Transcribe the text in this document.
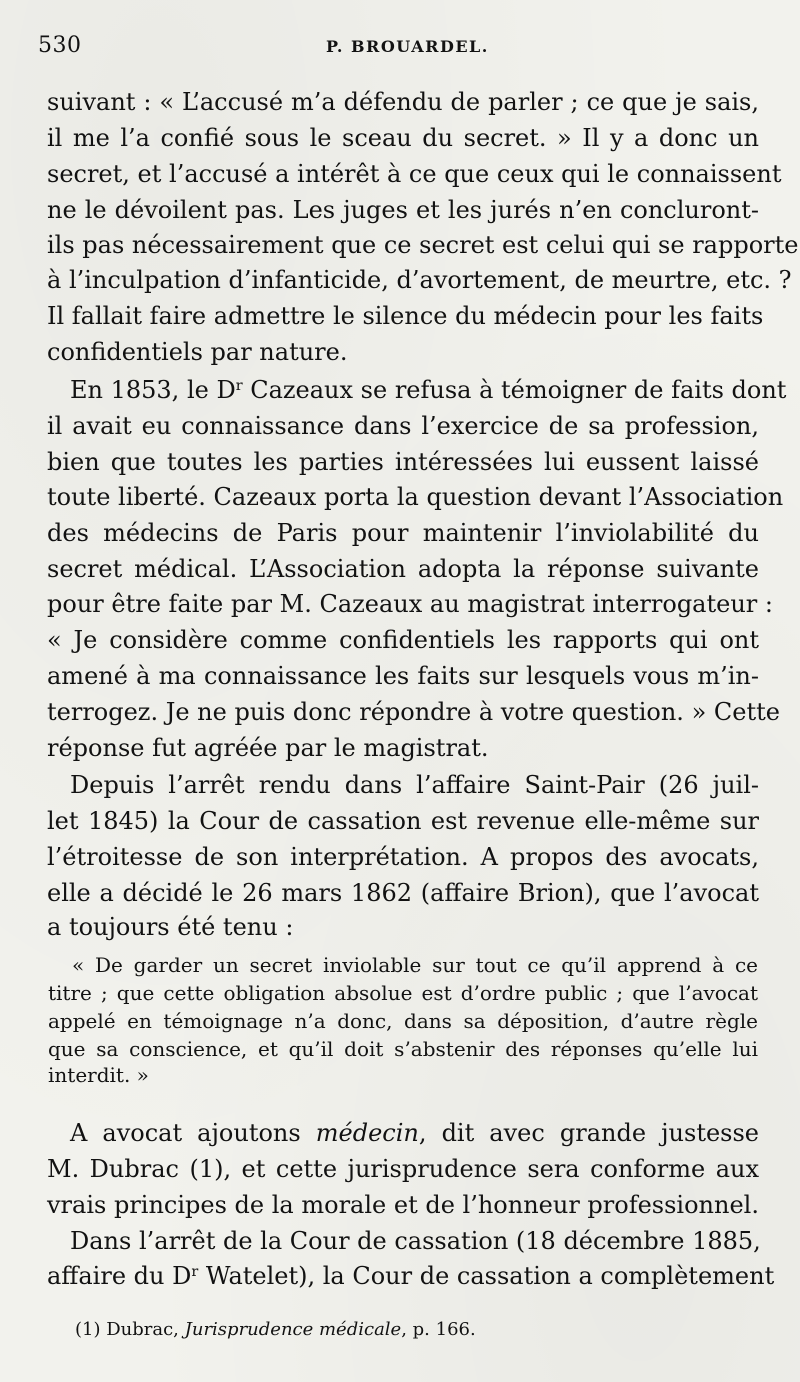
530	P. BROUARDEL.
suivant : « L’accusé m’a défendu de parler ; ce que je sais,
il me l’a confié sous le sceau du secret. » Il y a donc un
secret, et l’accusé a intérêt à ce que ceux qui le connaissent
ne le dévoilent pas. Les juges et les jurés n’en concluront-
ils pas nécessairement que ce secret est celui qui se rapporte
à l’inculpation d’infanticide, d’avortement, de meurtre, etc. ?
Il fallait faire admettre le silence du médecin pour les faits
confidentiels par nature.
En 1853, le $D^r$ Cazeaux se refusa à témoigner de faits dont
il avait eu connaissance dans l’exercice de sa profession,
bien que toutes les parties intéressées lui eussent laissé
toute liberté. Cazeaux porta la question devant l’Association
des médecins de Paris pour maintenir l’inviolabilité du
secret médical. L’Association adopta la réponse suivante
pour être faite par M. Cazeaux au magistrat interrogateur :
« Je considère comme confidentiels les rapports qui ont
amené à ma connaissance les faits sur lesquels vous m’in-
terrogez. Je ne puis donc répondre à votre question. » Cette
réponse fut agréée par le magistrat.
Depuis l’arrêt rendu dans l’affaire Saint-Pair (26 juil-
let 1845) la Cour de cassation est revenue elle-même sur
l’étroitesse de son interprétation. A propos des avocats,
elle a décidé le 26 mars 1862 (affaire Brion), que l’avocat
a toujours été tenu :
« De garder un secret inviolable sur tout ce qu’il apprend à ce
titre ; que cette obligation absolue est d’ordre public ; que l’avocat
appelé en témoignage n’a donc, dans sa déposition, d’autre règle
que sa conscience, et qu’il doit s’abstenir des réponses qu’elle lui
interdit. »
A avocat ajoutons médecin, dit avec grande justesse
M. Dubrac (1), et cette jurisprudence sera conforme aux
vrais principes de la morale et de l’honneur professionnel.
Dans l’arrêt de la Cour de cassation (18 décembre 1885,
affaire du $D^r$ Watelet), la Cour de cassation a complètement
(1) Dubrac, Jurisprudence médicale, p. 166.
